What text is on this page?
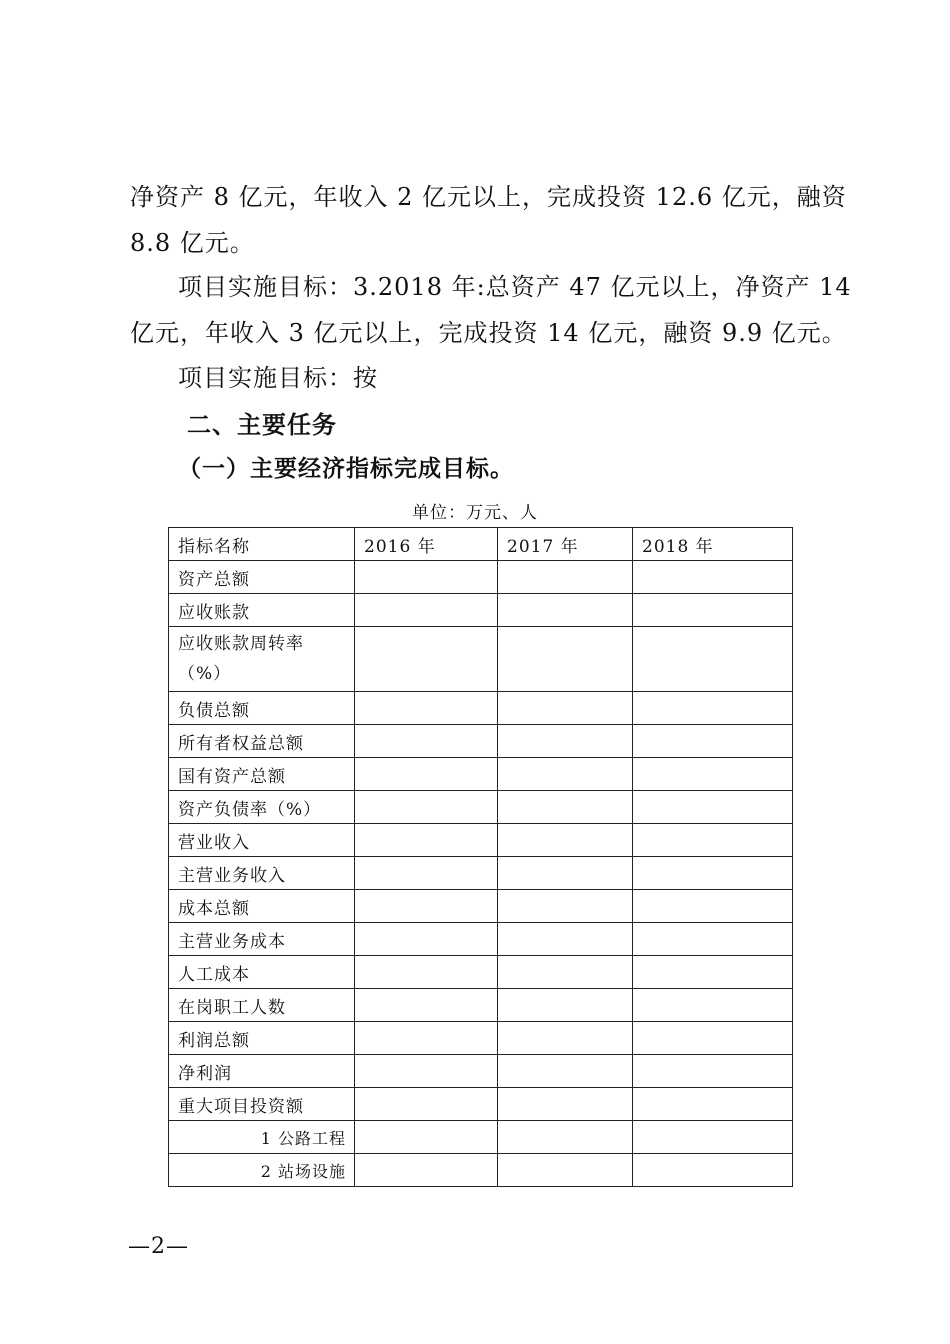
净资产 8 亿元，年收入 2 亿元以上，完成投资 12.6 亿元，融资
8.8 亿元。
项目实施目标：3.2018 年:总资产 47 亿元以上，净资产 14
亿元，年收入 3 亿元以上，完成投资 14 亿元，融资 9.9 亿元。
项目实施目标：按
二、主要任务
（一）主要经济指标完成目标。
单位：万元、人
指标名称	2016 年	2017 年	2018 年
资产总额			
应收账款			
应收账款周转率（%）			
负债总额			
所有者权益总额			
国有资产总额			
资产负债率（%）			
营业收入			
主营业务收入			
成本总额			
主营业务成本			
人工成本			
在岗职工人数			
利润总额			
净利润			
重大项目投资额			
1 公路工程			
2 站场设施			
—2—
